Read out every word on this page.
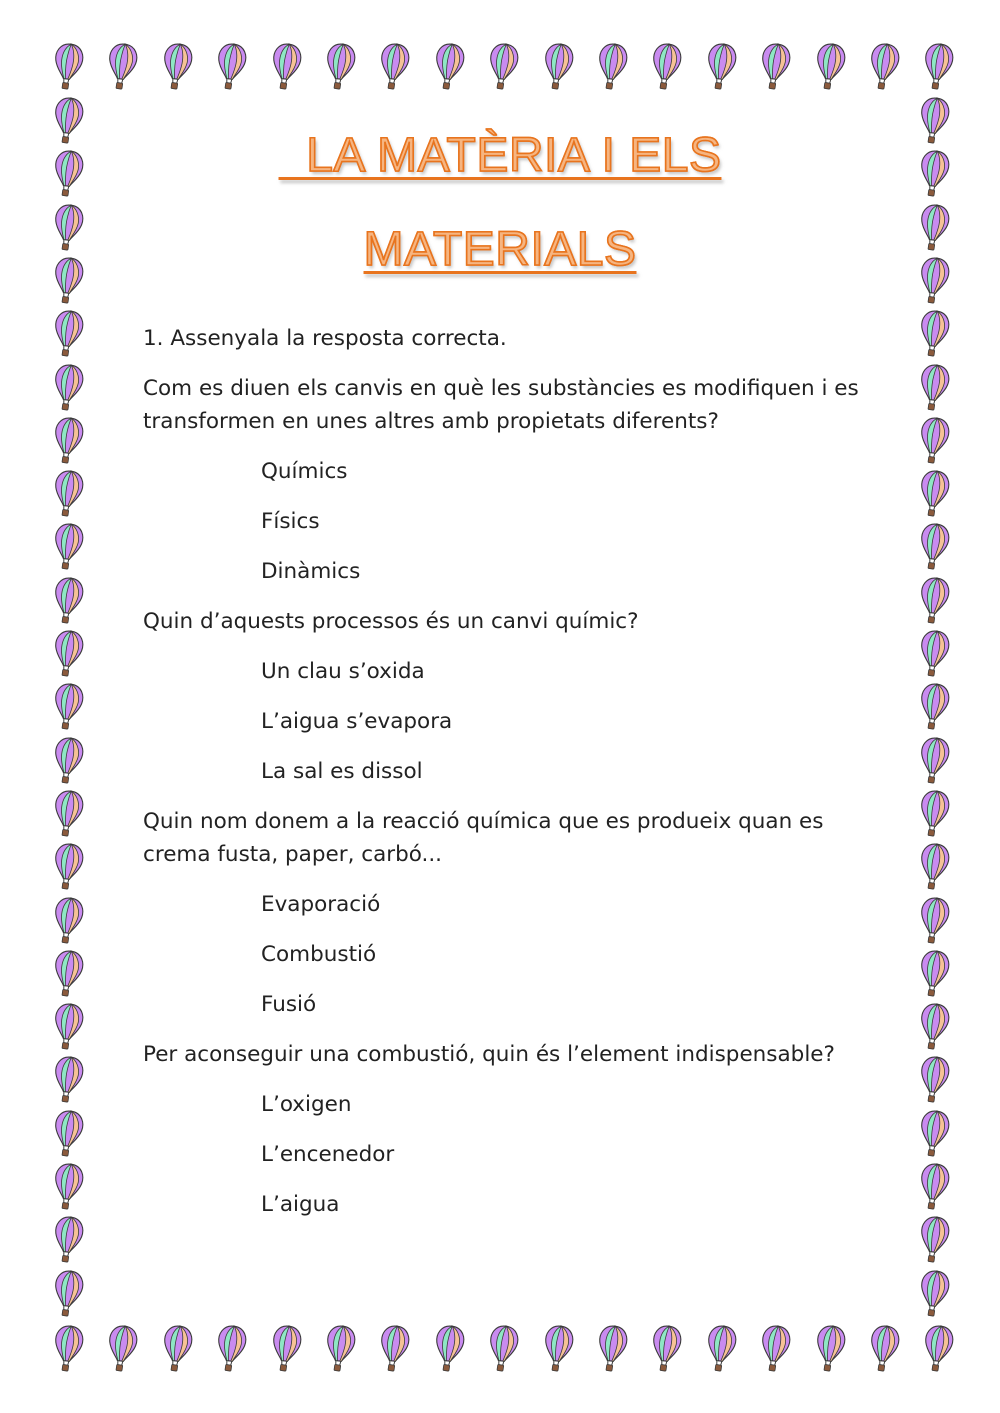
LA MATÈRIA I ELS
MATERIALS

1. Assenyala la resposta correcta.

Com es diuen els canvis en què les substàncies es modifiquen i es transformen en unes altres amb propietats diferents?

Químics
Físics
Dinàmics

Quin d’aquests processos és un canvi químic?

Un clau s’oxida
L’aigua s’evapora
La sal es dissol

Quin nom donem a la reacció química que es produeix quan es crema fusta, paper, carbó...

Evaporació
Combustió
Fusió

Per aconseguir una combustió, quin és l’element indispensable?

L’oxigen
L’encenedor
L’aigua
